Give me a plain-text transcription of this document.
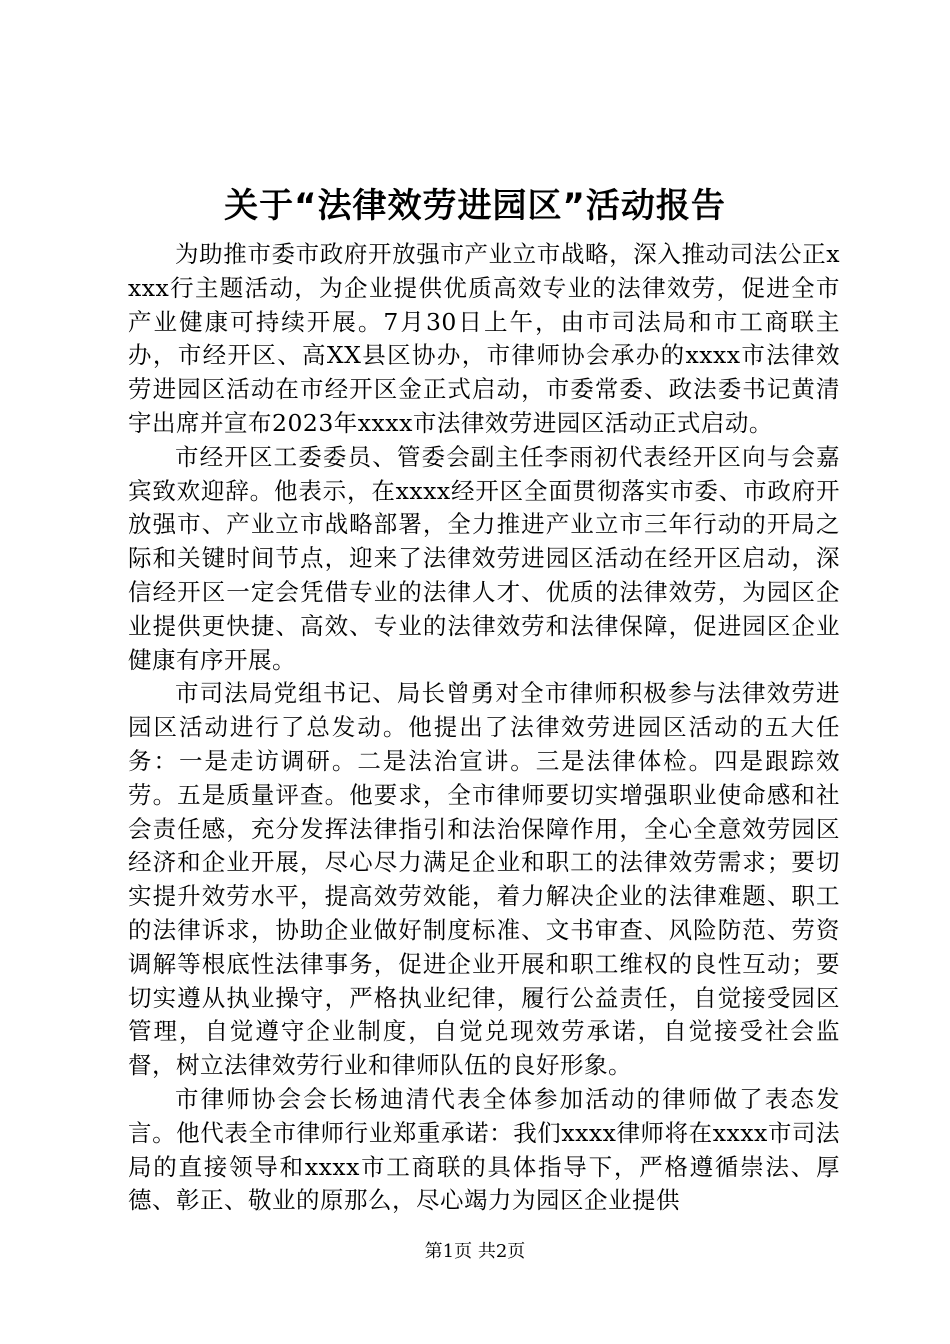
关于“法律效劳进园区”活动报告

为助推市委市政府开放强市产业立市战略，深入推动司法公正xxxx行主题活动，为企业提供优质高效专业的法律效劳，促进全市产业健康可持续开展。7月30日上午，由市司法局和市工商联主办，市经开区、高XX县区协办，市律师协会承办的xxxx市法律效劳进园区活动在市经开区金正式启动，市委常委、政法委书记黄清宇出席并宣布2023年xxxx市法律效劳进园区活动正式启动。

市经开区工委委员、管委会副主任李雨初代表经开区向与会嘉宾致欢迎辞。他表示，在xxxx经开区全面贯彻落实市委、市政府开放强市、产业立市战略部署，全力推进产业立市三年行动的开局之际和关键时间节点，迎来了法律效劳进园区活动在经开区启动，深信经开区一定会凭借专业的法律人才、优质的法律效劳，为园区企业提供更快捷、高效、专业的法律效劳和法律保障，促进园区企业健康有序开展。

市司法局党组书记、局长曾勇对全市律师积极参与法律效劳进园区活动进行了总发动。他提出了法律效劳进园区活动的五大任务：一是走访调研。二是法治宣讲。三是法律体检。四是跟踪效劳。五是质量评查。他要求，全市律师要切实增强职业使命感和社会责任感，充分发挥法律指引和法治保障作用，全心全意效劳园区经济和企业开展，尽心尽力满足企业和职工的法律效劳需求；要切实提升效劳水平，提高效劳效能，着力解决企业的法律难题、职工的法律诉求，协助企业做好制度标准、文书审查、风险防范、劳资调解等根底性法律事务，促进企业开展和职工维权的良性互动；要切实遵从执业操守，严格执业纪律，履行公益责任，自觉接受园区管理，自觉遵守企业制度，自觉兑现效劳承诺，自觉接受社会监督，树立法律效劳行业和律师队伍的良好形象。

市律师协会会长杨迪清代表全体参加活动的律师做了表态发言。他代表全市律师行业郑重承诺：我们xxxx律师将在xxxx市司法局的直接领导和xxxx市工商联的具体指导下，严格遵循崇法、厚德、彰正、敬业的原那么，尽心竭力为园区企业提供

第1页 共2页
